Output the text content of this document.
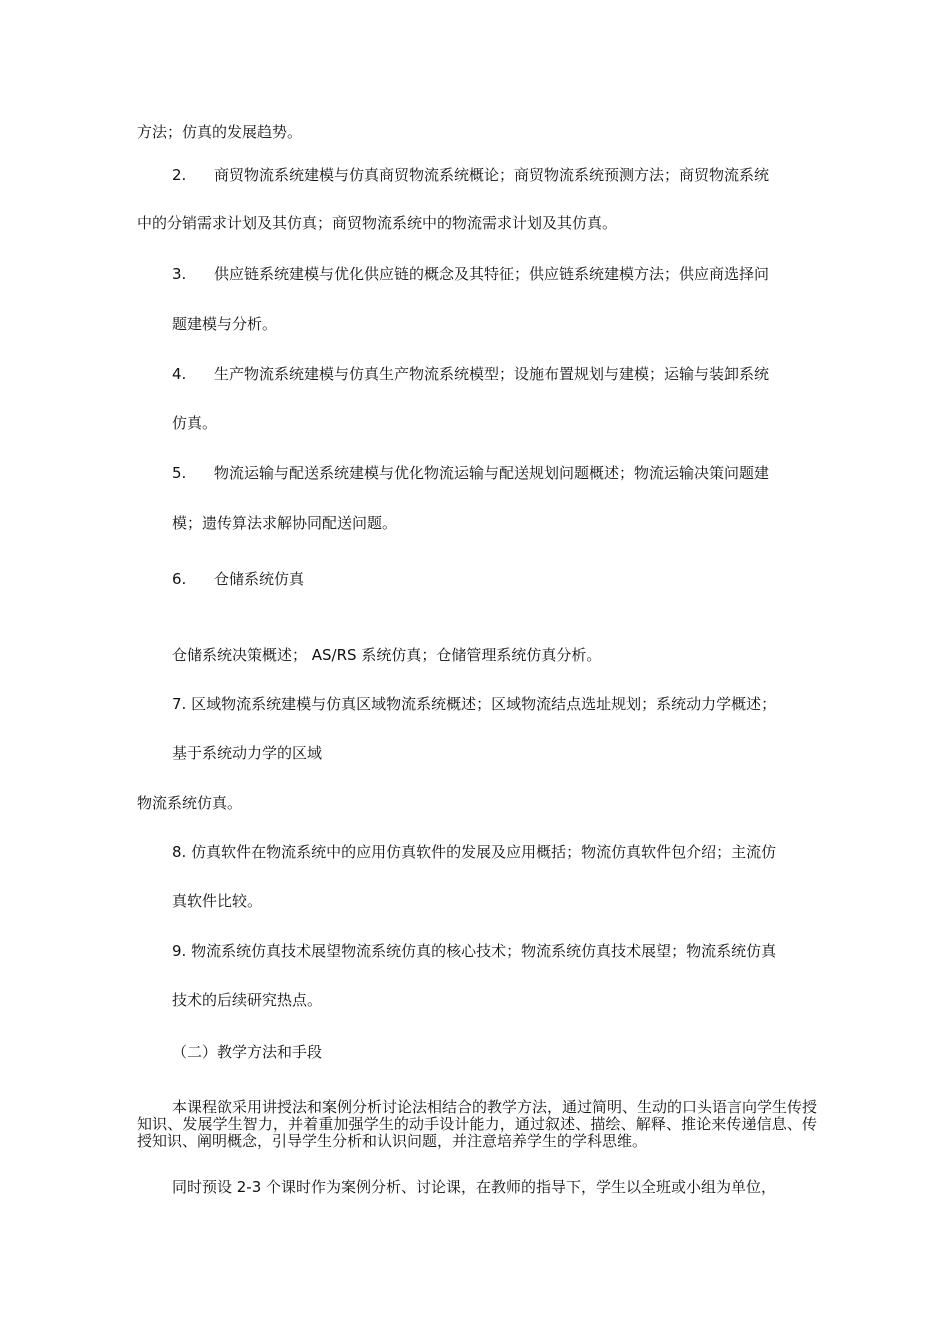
方法；仿真的发展趋势。
2. 商贸物流系统建模与仿真商贸物流系统概论；商贸物流系统预测方法；商贸物流系统
中的分销需求计划及其仿真；商贸物流系统中的物流需求计划及其仿真。
3. 供应链系统建模与优化供应链的概念及其特征；供应链系统建模方法；供应商选择问
题建模与分析。
4. 生产物流系统建模与仿真生产物流系统模型；设施布置规划与建模；运输与装卸系统
仿真。
5. 物流运输与配送系统建模与优化物流运输与配送规划问题概述；物流运输决策问题建
模；遗传算法求解协同配送问题。
6. 仓储系统仿真
仓储系统决策概述； AS/RS 系统仿真；仓储管理系统仿真分析。
7. 区域物流系统建模与仿真区域物流系统概述；区域物流结点选址规划；系统动力学概述；
基于系统动力学的区域
物流系统仿真。
8. 仿真软件在物流系统中的应用仿真软件的发展及应用概括；物流仿真软件包介绍；主流仿
真软件比较。
9. 物流系统仿真技术展望物流系统仿真的核心技术；物流系统仿真技术展望；物流系统仿真
技术的后续研究热点。
（二）教学方法和手段
本课程欲采用讲授法和案例分析讨论法相结合的教学方法，通过简明、生动的口头语言向学生传授知识、发展学生智力，并着重加强学生的动手设计能力，通过叙述、描绘、解释、推论来传递信息、传授知识、阐明概念，引导学生分析和认识问题，并注意培养学生的学科思维。
同时预设 2-3 个课时作为案例分析、讨论课，在教师的指导下，学生以全班或小组为单位，
